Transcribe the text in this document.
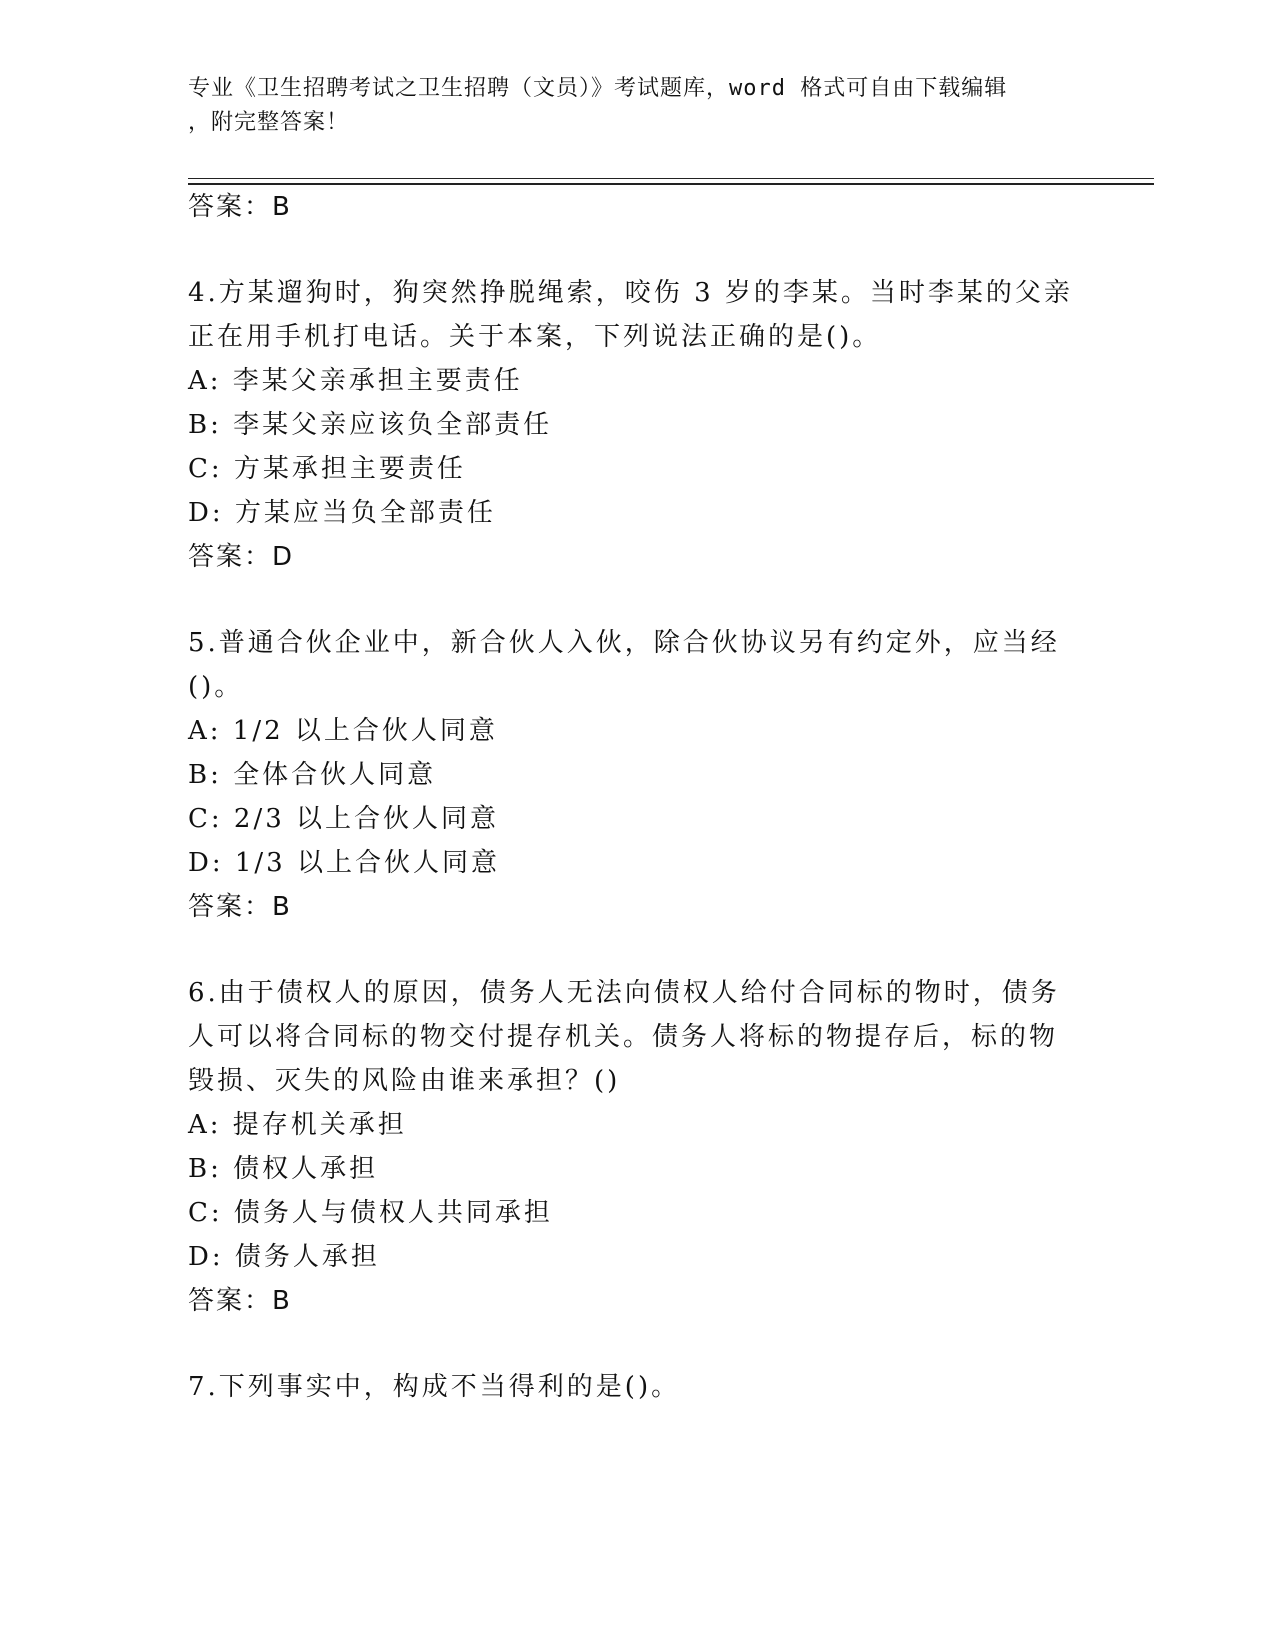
专业《卫生招聘考试之卫生招聘（文员）》考试题库，word 格式可自由下载编辑
，附完整答案！
答案：B
4.方某遛狗时，狗突然挣脱绳索，咬伤 3 岁的李某。当时李某的父亲
正在用手机打电话。关于本案，下列说法正确的是()。
A: 李某父亲承担主要责任
B: 李某父亲应该负全部责任
C: 方某承担主要责任
D: 方某应当负全部责任
答案：D
5.普通合伙企业中，新合伙人入伙，除合伙协议另有约定外，应当经
()。
A: 1/2 以上合伙人同意
B: 全体合伙人同意
C: 2/3 以上合伙人同意
D: 1/3 以上合伙人同意
答案：B
6.由于债权人的原因，债务人无法向债权人给付合同标的物时，债务
人可以将合同标的物交付提存机关。债务人将标的物提存后，标的物
毁损、灭失的风险由谁来承担？()
A: 提存机关承担
B: 债权人承担
C: 债务人与债权人共同承担
D: 债务人承担
答案：B
7.下列事实中，构成不当得利的是()。
